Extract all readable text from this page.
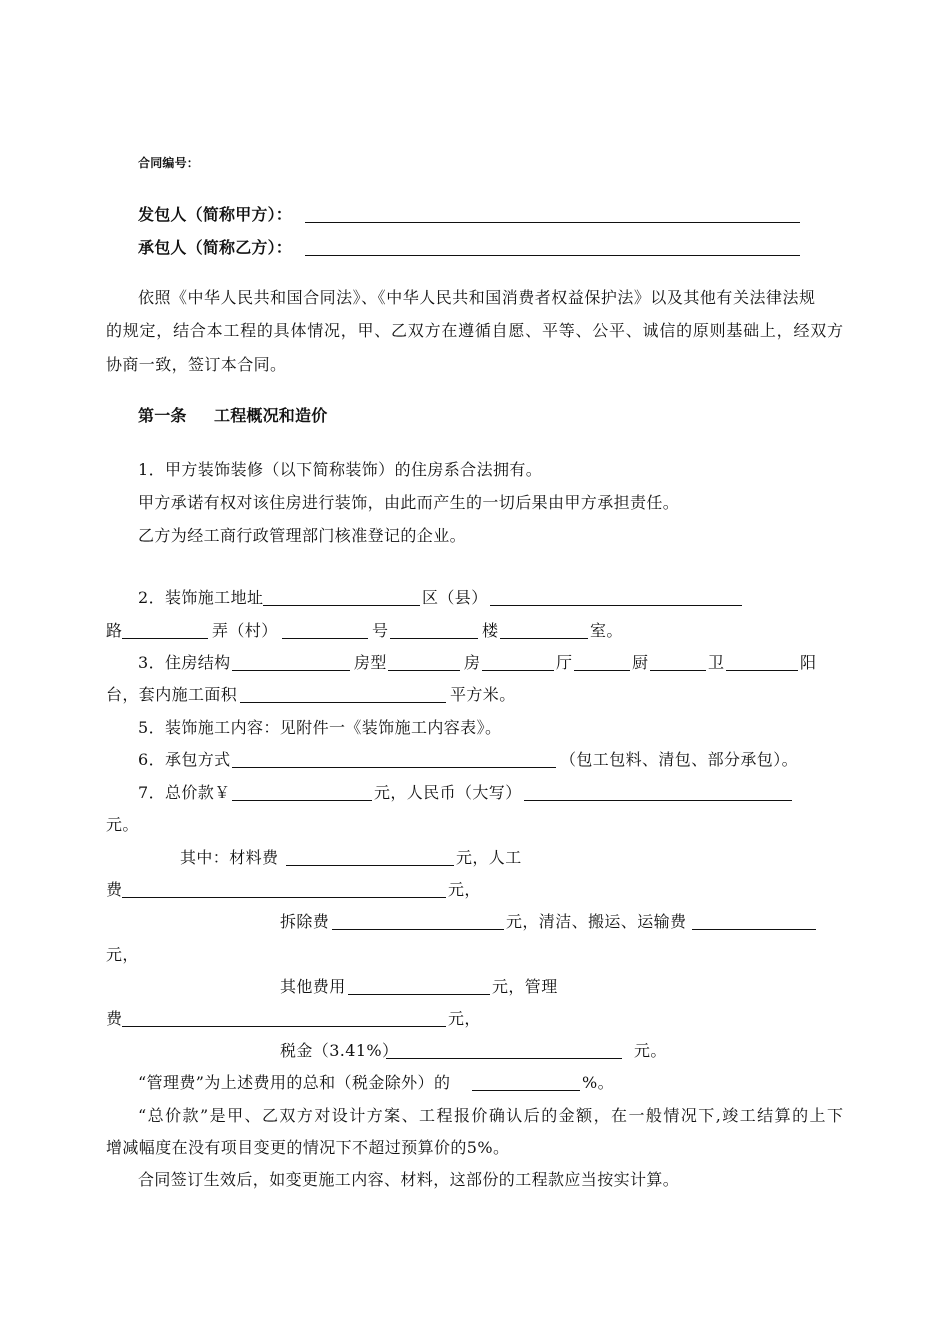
合同编号：
发包人（简称甲方）：
承包人（简称乙方）：
依照《中华人民共和国合同法》、《中华人民共和国消费者权益保护法》以及其他有关法律法规
的规定，结合本工程的具体情况，甲、乙双方在遵循自愿、平等、公平、诚信的原则基础上，经双方
协商一致，签订本合同。
第一条 工程概况和造价
1．甲方装饰装修（以下简称装饰）的住房系合法拥有。
甲方承诺有权对该住房进行装饰，由此而产生的一切后果由甲方承担责任。
乙方为经工商行政管理部门核准登记的企业。
2．装饰施工地址	区（县）
路	弄（村）	号	楼	室。
3．住房结构	房型	房	厅	厨	卫	阳
台，套内施工面积	平方米。
5．装饰施工内容：见附件一《装饰施工内容表》。
6．承包方式	（包工包料、清包、部分承包）。
7．总价款￥	元，人民币（大写）
元。
其中：材料费	元，人工
费	元，
拆除费	元，清洁、搬运、运输费
元，
其他费用	元，管理
费	元，
税金（3.41%）	元。
“管理费”为上述费用的总和（税金除外）的	%。
“总价款”是甲、乙双方对设计方案、工程报价确认后的金额，在一般情况下,竣工结算的上下
增减幅度在没有项目变更的情况下不超过预算价的5%。
合同签订生效后，如变更施工内容、材料，这部份的工程款应当按实计算。
